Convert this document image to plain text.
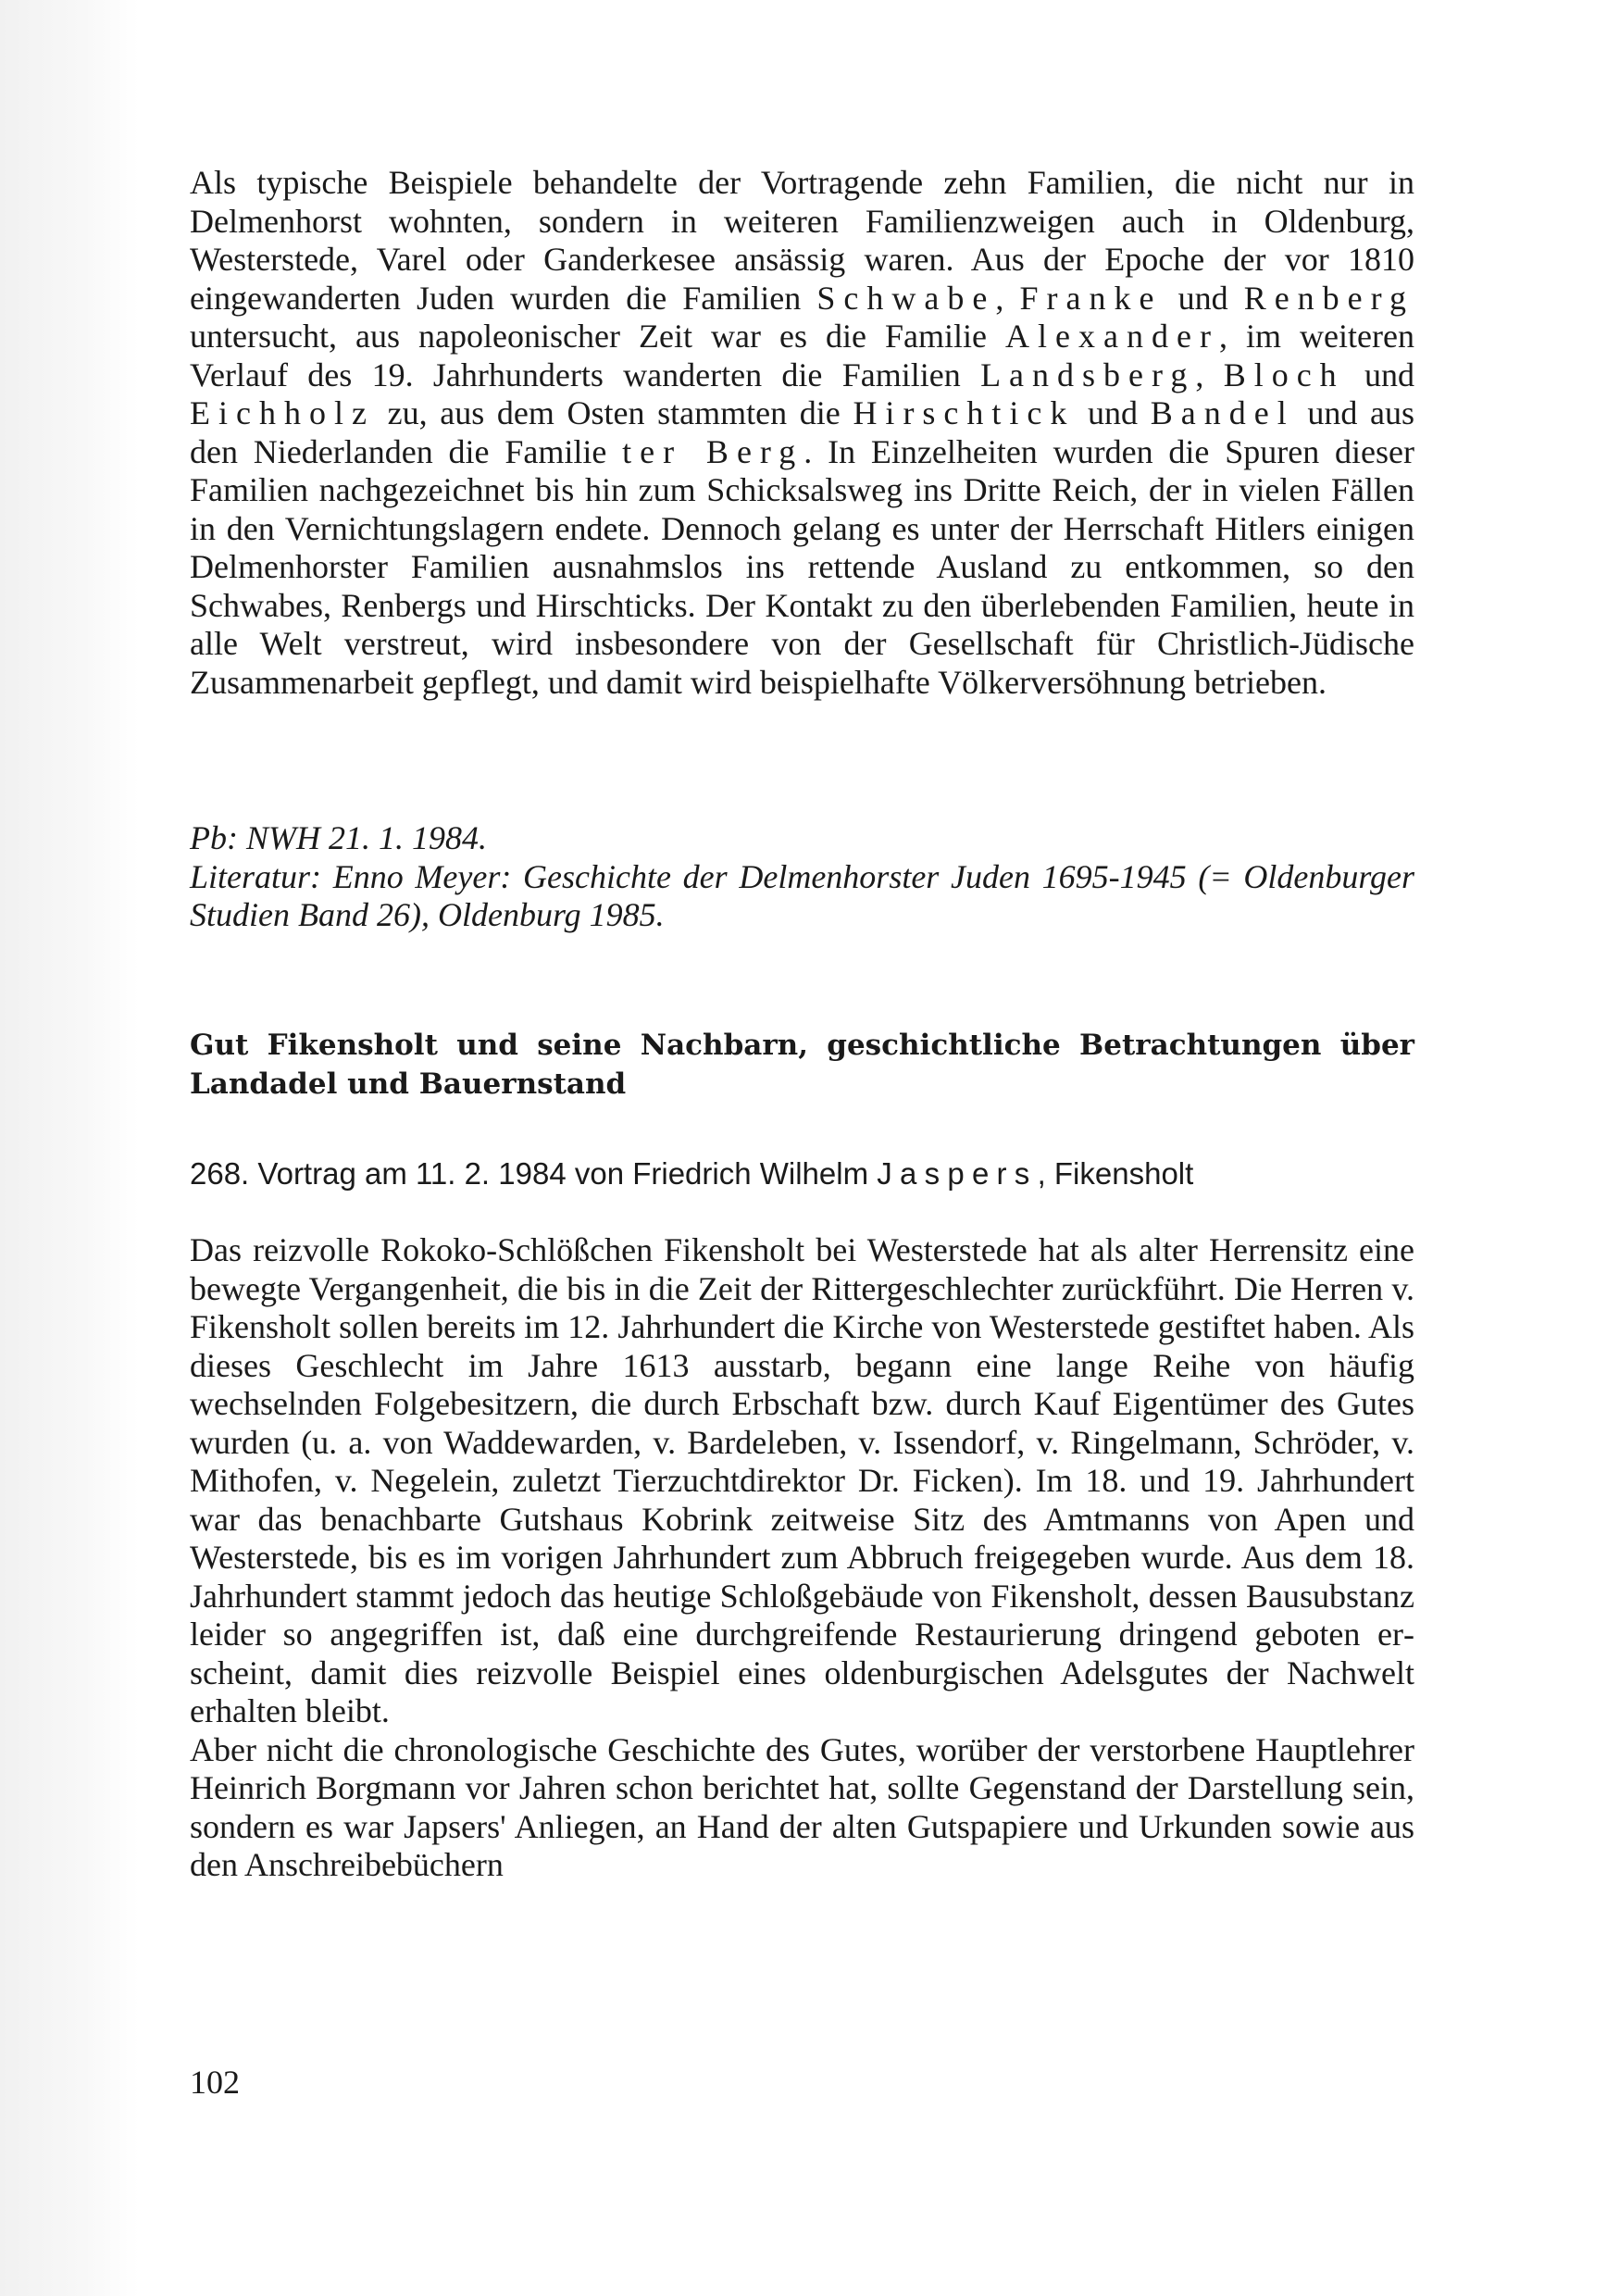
Als typische Beispiele behandelte der Vortragende zehn Familien, die nicht nur in Delmenhorst wohnten, sondern in weiteren Familienzweigen auch in Oldenburg, Westerstede, Varel oder Ganderkesee ansässig waren. Aus der Epoche der vor 1810 eingewanderten Juden wurden die Familien Schwabe, Franke und Renberg untersucht, aus napoleonischer Zeit war es die Familie Alexander, im weiteren Verlauf des 19. Jahrhunderts wanderten die Familien Landsberg, Bloch und Eichholz zu, aus dem Osten stammten die Hirschtick und Bandel und aus den Niederlanden die Familie ter Berg. In Einzelheiten wurden die Spuren dieser Familien nachgezeichnet bis hin zum Schicksalsweg ins Dritte Reich, der in vielen Fällen in den Vernichtungslagern endete. Dennoch gelang es unter der Herrschaft Hitlers einigen Delmenhorster Familien ausnahmslos ins rettende Ausland zu entkommen, so den Schwabes, Renbergs und Hirschticks. Der Kontakt zu den überlebenden Familien, heute in alle Welt verstreut, wird insbesondere von der Gesellschaft für Christlich-Jüdische Zusammenarbeit gepflegt, und damit wird beispielhafte Völkerversöhnung betrieben.

Pb: NWH 21. 1. 1984.

Literatur: Enno Meyer: Geschichte der Delmenhorster Juden 1695-1945 (= Oldenburger Studien Band 26), Oldenburg 1985.

Gut Fikensholt und seine Nachbarn, geschichtliche Betrachtungen über Landadel und Bauernstand
268. Vortrag am 11. 2. 1984 von Friedrich Wilhelm Jaspers, Fikensholt

Das reizvolle Rokoko-Schlößchen Fikensholt bei Westerstede hat als alter Herrensitz eine bewegte Vergangenheit, die bis in die Zeit der Rittergeschlechter zurückführt. Die Herren v. Fikensholt sollen bereits im 12. Jahrhundert die Kirche von Westerstede gestiftet haben. Als dieses Geschlecht im Jahre 1613 ausstarb, begann eine lange Reihe von häufig wechselnden Folgebesitzern, die durch Erbschaft bzw. durch Kauf Eigentümer des Gutes wurden (u. a. von Waddewarden, v. Bardeleben, v. Issendorf, v. Ringelmann, Schröder, v. Mithofen, v. Negelein, zuletzt Tierzuchtdirektor Dr. Ficken). Im 18. und 19. Jahrhundert war das benachbarte Gutshaus Kobrink zeitweise Sitz des Amtmanns von Apen und Westerstede, bis es im vorigen Jahrhundert zum Abbruch freigegeben wurde. Aus dem 18. Jahrhundert stammt jedoch das heutige Schloßgebäude von Fikensholt, dessen Bausubstanz leider so angegriffen ist, daß eine durchgreifende Restaurierung dringend geboten erscheint, damit dies reizvolle Beispiel eines oldenburgischen Adelsgutes der Nachwelt erhalten bleibt.

Aber nicht die chronologische Geschichte des Gutes, worüber der verstorbene Hauptlehrer Heinrich Borgmann vor Jahren schon berichtet hat, sollte Gegenstand der Darstellung sein, sondern es war Japsers' Anliegen, an Hand der alten Gutspapiere und Urkunden sowie aus den Anschreibebüchern

102
